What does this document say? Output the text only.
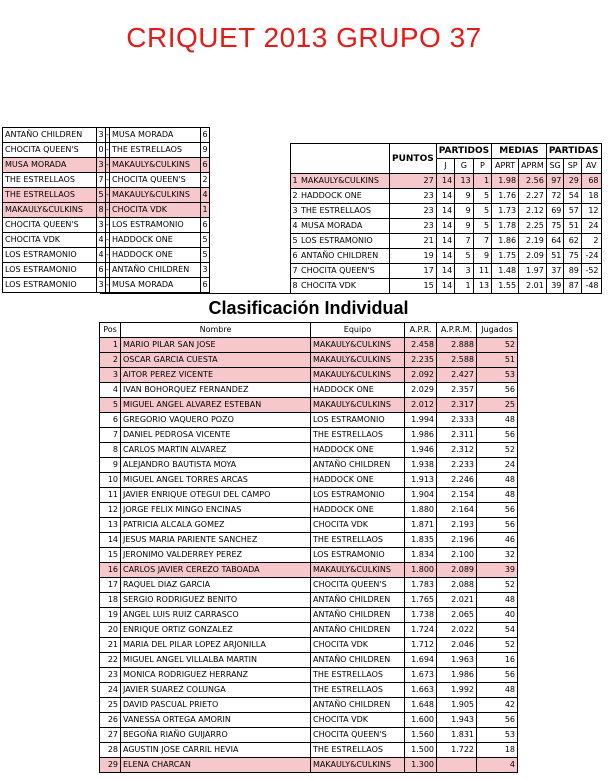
CRIQUET 2013 GRUPO 37
ANTAÑO CHILDREN	3	-	MUSA MORADA	6
CHOCITA QUEEN'S	0	-	THE ESTRELLAOS	9
MUSA MORADA	3	-	MAKAULY&CULKINS	6
THE ESTRELLAOS	7	-	CHOCITA QUEEN'S	2
THE ESTRELLAOS	5	-	MAKAULY&CULKINS	4
MAKAULY&CULKINS	8	-	CHOCITA VDK	1
CHOCITA QUEEN'S	3	-	LOS ESTRAMONIO	6
CHOCITA VDK	4	-	HADDOCK ONE	5
LOS ESTRAMONIO	4	-	HADDOCK ONE	5
LOS ESTRAMONIO	6	-	ANTAÑO CHILDREN	3
LOS ESTRAMONIO	3	-	MUSA MORADA	6
		PUNTOS	PARTIDOS			MEDIAS		PARTIDAS		
			J	G	P	APRT	APRM	SG	SP	AV
1	MAKAULY&CULKINS	27	14	13	1	1.98	2.56	97	29	68
2	HADDOCK ONE	23	14	9	5	1.76	2.27	72	54	18
3	THE ESTRELLAOS	23	14	9	5	1.73	2.12	69	57	12
4	MUSA MORADA	23	14	9	5	1.78	2.25	75	51	24
5	LOS ESTRAMONIO	21	14	7	7	1.86	2.19	64	62	2
6	ANTAÑO CHILDREN	19	14	5	9	1.75	2.09	51	75	-24
7	CHOCITA QUEEN'S	17	14	3	11	1.48	1.97	37	89	-52
8	CHOCITA VDK	15	14	1	13	1.55	2.01	39	87	-48
Clasificación Individual					
Pos	Nombre	Equipo	A.P.R.	A.P.R.M.	Jugados
1	MARIO PILAR SAN JOSE	MAKAULY&CULKINS	2.458	2.888	52
2	OSCAR GARCIA CUESTA	MAKAULY&CULKINS	2.235	2.588	51
3	AITOR PEREZ VICENTE	MAKAULY&CULKINS	2.092	2.427	53
4	IVAN BOHORQUEZ FERNANDEZ	HADDOCK ONE	2.029	2.357	56
5	MIGUEL ANGEL ALVAREZ ESTEBAN	MAKAULY&CULKINS	2.012	2.317	25
6	GREGORIO VAQUERO POZO	LOS ESTRAMONIO	1.994	2.333	48
7	DANIEL PEDROSA VICENTE	THE ESTRELLAOS	1.986	2.311	56
8	CARLOS MARTIN ALVAREZ	HADDOCK ONE	1.946	2.312	52
9	ALEJANDRO BAUTISTA MOYA	ANTAÑO CHILDREN	1.938	2.233	24
10	MIGUEL ANGEL TORRES ARCAS	HADDOCK ONE	1.913	2.246	48
11	JAVIER ENRIQUE OTEGUI DEL CAMPO	LOS ESTRAMONIO	1.904	2.154	48
12	JORGE FELIX MINGO ENCINAS	HADDOCK ONE	1.880	2.164	56
13	PATRICIA ALCALA GOMEZ	CHOCITA VDK	1.871	2.193	56
14	JESUS MARIA PARIENTE SANCHEZ	THE ESTRELLAOS	1.835	2.196	46
15	JERONIMO VALDERREY PEREZ	LOS ESTRAMONIO	1.834	2.100	32
16	CARLOS JAVIER CEREZO TABOADA	MAKAULY&CULKINS	1.800	2.089	39
17	RAQUEL DIAZ GARCIA	CHOCITA QUEEN'S	1.783	2.088	52
18	SERGIO RODRIGUEZ BENITO	ANTAÑO CHILDREN	1.765	2.021	48
19	ANGEL LUIS RUIZ CARRASCO	ANTAÑO CHILDREN	1.738	2.065	40
20	ENRIQUE ORTIZ GONZALEZ	ANTAÑO CHILDREN	1.724	2.022	54
21	MARIA DEL PILAR LOPEZ ARJONILLA	CHOCITA VDK	1.712	2.046	52
22	MIGUEL ANGEL VILLALBA MARTIN	ANTAÑO CHILDREN	1.694	1.963	16
23	MONICA RODRIGUEZ HERRANZ	THE ESTRELLAOS	1.673	1.986	56
24	JAVIER SUAREZ COLUNGA	THE ESTRELLAOS	1.663	1.992	48
25	DAVID PASCUAL PRIETO	ANTAÑO CHILDREN	1.648	1.905	42
26	VANESSA ORTEGA AMORIN	CHOCITA VDK	1.600	1.943	56
27	BEGOÑA RIAÑO GUIJARRO	CHOCITA QUEEN'S	1.560	1.831	53
28	AGUSTIN JOSE CARRIL HEVIA	THE ESTRELLAOS	1.500	1.722	18
29	ELENA CHARCAN	MAKAULY&CULKINS	1.300		4
